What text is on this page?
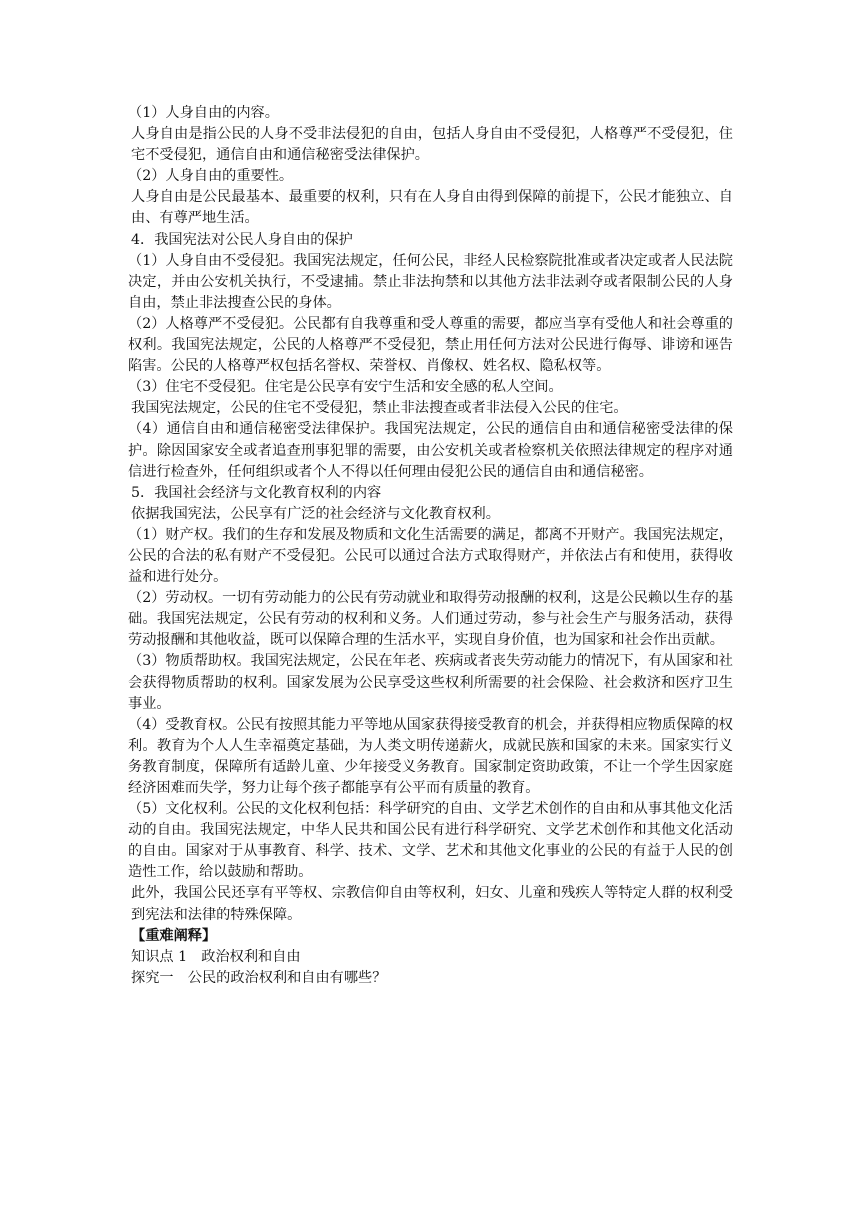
（1）人身自由的内容。

人身自由是指公民的人身不受非法侵犯的自由，包括人身自由不受侵犯，人格尊严不受侵犯，住宅不受侵犯，通信自由和通信秘密受法律保护。

（2）人身自由的重要性。

人身自由是公民最基本、最重要的权利，只有在人身自由得到保障的前提下，公民才能独立、自由、有尊严地生活。

4．我国宪法对公民人身自由的保护

（1）人身自由不受侵犯。我国宪法规定，任何公民，非经人民检察院批准或者决定或者人民法院决定，并由公安机关执行，不受逮捕。禁止非法拘禁和以其他方法非法剥夺或者限制公民的人身自由，禁止非法搜查公民的身体。

（2）人格尊严不受侵犯。公民都有自我尊重和受人尊重的需要，都应当享有受他人和社会尊重的权利。我国宪法规定，公民的人格尊严不受侵犯，禁止用任何方法对公民进行侮辱、诽谤和诬告陷害。公民的人格尊严权包括名誉权、荣誉权、肖像权、姓名权、隐私权等。

（3）住宅不受侵犯。住宅是公民享有安宁生活和安全感的私人空间。

我国宪法规定，公民的住宅不受侵犯，禁止非法搜查或者非法侵入公民的住宅。

（4）通信自由和通信秘密受法律保护。我国宪法规定，公民的通信自由和通信秘密受法律的保护。除因国家安全或者追查刑事犯罪的需要，由公安机关或者检察机关依照法律规定的程序对通信进行检查外，任何组织或者个人不得以任何理由侵犯公民的通信自由和通信秘密。

5．我国社会经济与文化教育权利的内容

依据我国宪法，公民享有广泛的社会经济与文化教育权利。

（1）财产权。我们的生存和发展及物质和文化生活需要的满足，都离不开财产。我国宪法规定，公民的合法的私有财产不受侵犯。公民可以通过合法方式取得财产，并依法占有和使用，获得收益和进行处分。

（2）劳动权。一切有劳动能力的公民有劳动就业和取得劳动报酬的权利，这是公民赖以生存的基础。我国宪法规定，公民有劳动的权利和义务。人们通过劳动，参与社会生产与服务活动，获得劳动报酬和其他收益，既可以保障合理的生活水平，实现自身价值，也为国家和社会作出贡献。

（3）物质帮助权。我国宪法规定，公民在年老、疾病或者丧失劳动能力的情况下，有从国家和社会获得物质帮助的权利。国家发展为公民享受这些权利所需要的社会保险、社会救济和医疗卫生事业。

（4）受教育权。公民有按照其能力平等地从国家获得接受教育的机会，并获得相应物质保障的权利。教育为个人人生幸福奠定基础，为人类文明传递薪火，成就民族和国家的未来。国家实行义务教育制度，保障所有适龄儿童、少年接受义务教育。国家制定资助政策，不让一个学生因家庭经济困难而失学，努力让每个孩子都能享有公平而有质量的教育。

（5）文化权利。公民的文化权利包括：科学研究的自由、文学艺术创作的自由和从事其他文化活动的自由。我国宪法规定，中华人民共和国公民有进行科学研究、文学艺术创作和其他文化活动的自由。国家对于从事教育、科学、技术、文学、艺术和其他文化事业的公民的有益于人民的创造性工作，给以鼓励和帮助。

此外，我国公民还享有平等权、宗教信仰自由等权利，妇女、儿童和残疾人等特定人群的权利受到宪法和法律的特殊保障。

【重难阐释】

知识点 1　政治权利和自由

探究一　公民的政治权利和自由有哪些？
